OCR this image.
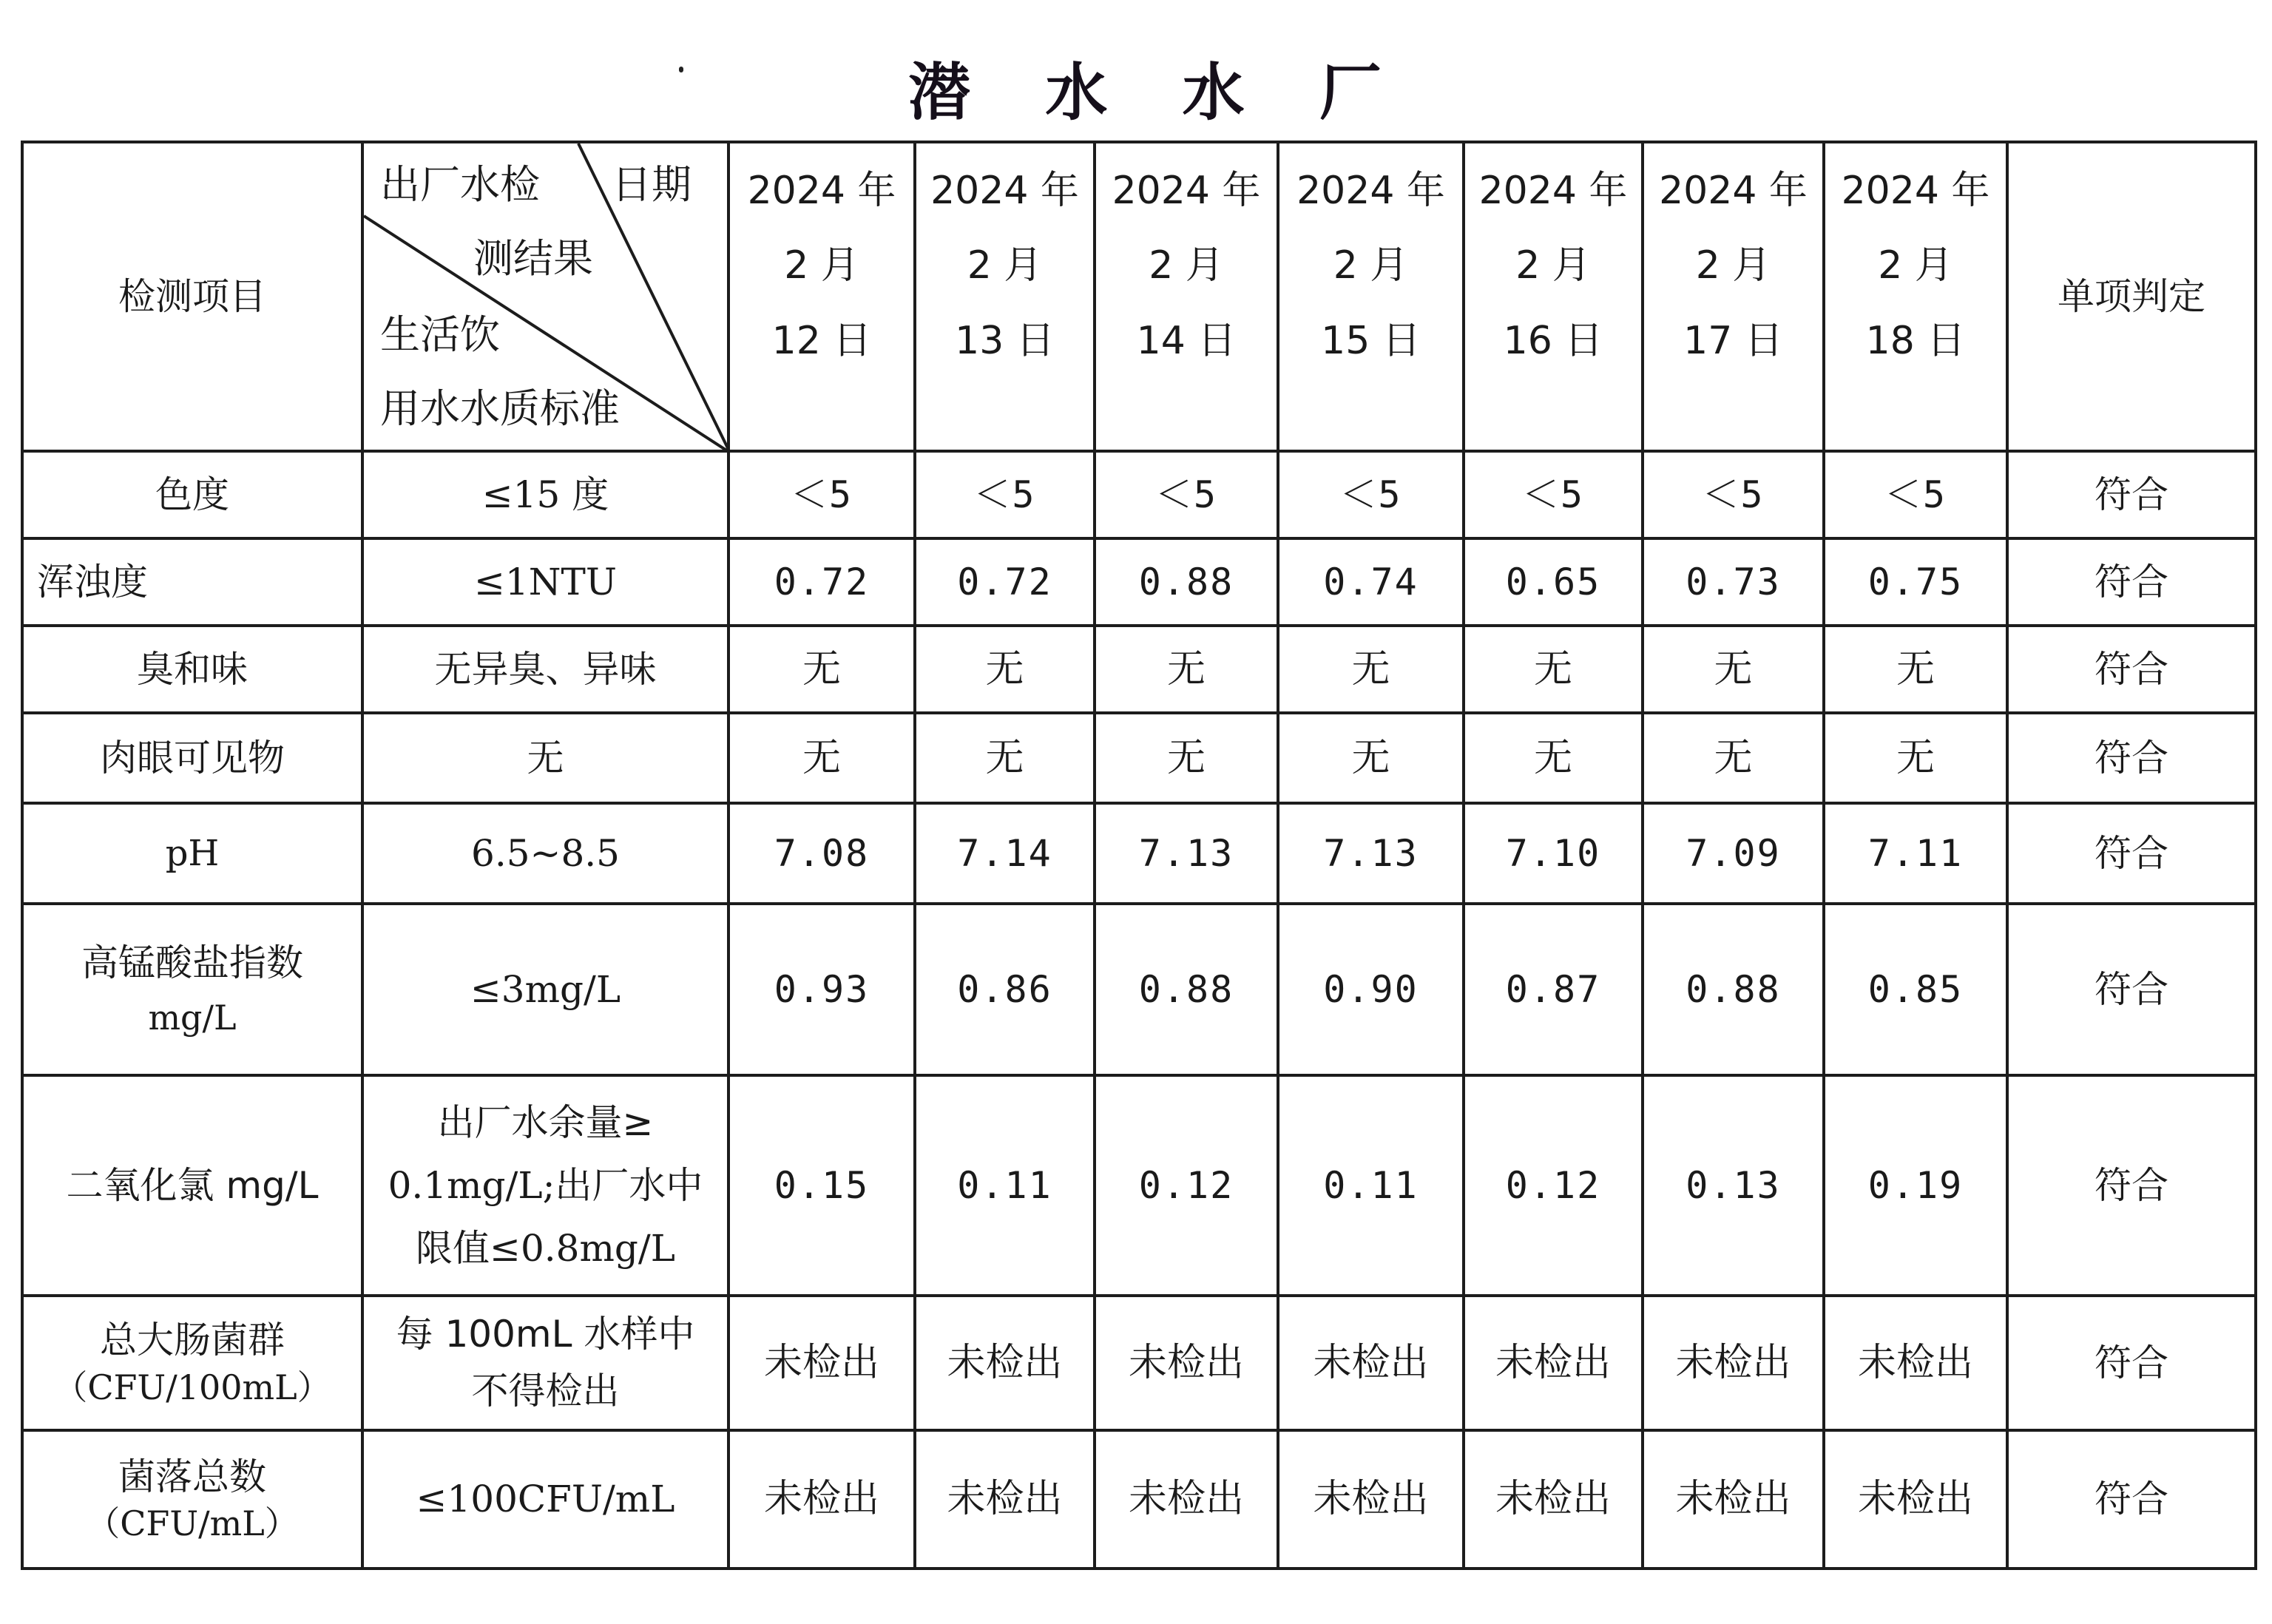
潜 水 水 厂
检测项目	出厂水检 日期
测结果
生活饮
用水水质标准	2024 年
2 月
12 日	2024 年
2 月
13 日	2024 年
2 月
14 日	2024 年
2 月
15 日	2024 年
2 月
16 日	2024 年
2 月
17 日	2024 年
2 月
18 日	单项判定
色度	≤15 度	＜5	＜5	＜5	＜5	＜5	＜5	＜5	符合
浑浊度	≤1NTU	0.72	0.72	0.88	0.74	0.65	0.73	0.75	符合
臭和味	无异臭、异味	无	无	无	无	无	无	无	符合
肉眼可见物	无	无	无	无	无	无	无	无	符合
pH	6.5~8.5	7.08	7.14	7.13	7.13	7.10	7.09	7.11	符合
高锰酸盐指数
mg/L	≤3mg/L	0.93	0.86	0.88	0.90	0.87	0.88	0.85	符合
二氧化氯 mg/L	出厂水余量≥
0.1mg/L;出厂水中
限值≤0.8mg/L	0.15	0.11	0.12	0.11	0.12	0.13	0.19	符合
总大肠菌群
（CFU/100mL）	每 100mL 水样中
不得检出	未检出	未检出	未检出	未检出	未检出	未检出	未检出	符合
菌落总数
（CFU/mL）	≤100CFU/mL	未检出	未检出	未检出	未检出	未检出	未检出	未检出	符合
